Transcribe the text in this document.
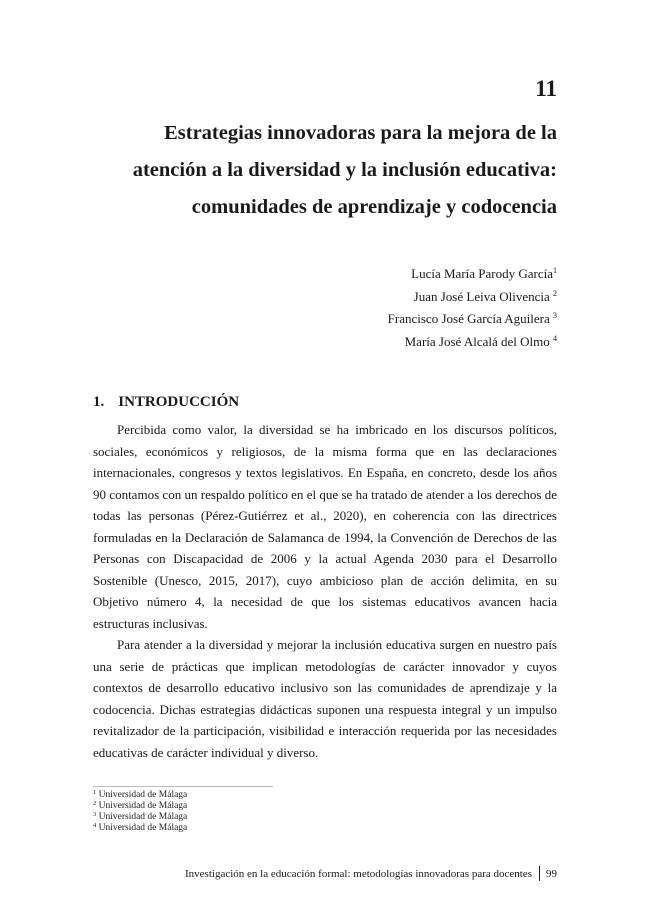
11
Estrategias innovadoras para la mejora de la
atención a la diversidad y la inclusión educativa:
comunidades de aprendizaje y codocencia
Lucía María Parody García$^1$
Juan José Leiva Olivencia $^2$
Francisco José García Aguilera $^3$
María José Alcalá del Olmo $^4$
1. INTRODUCCIÓN

Percibida como valor, la diversidad se ha imbricado en los discursos políticos, sociales, económicos y religiosos, de la misma forma que en las declaraciones internacionales, congresos y textos legislativos. En España, en concreto, desde los años 90 contamos con un respaldo político en el que se ha tratado de atender a los derechos de todas las personas (Pérez-Gutiérrez et al., 2020), en coherencia con las directrices formuladas en la Declaración de Salamanca de 1994, la Convención de Derechos de las Personas con Discapacidad de 2006 y la actual Agenda 2030 para el Desarrollo Sostenible (Unesco, 2015, 2017), cuyo ambicioso plan de acción delimita, en su Objetivo número 4, la necesidad de que los sistemas educativos avancen hacia estructuras inclusivas.

Para atender a la diversidad y mejorar la inclusión educativa surgen en nuestro país una serie de prácticas que implican metodologías de carácter innovador y cuyos contextos de desarrollo educativo inclusivo son las comunidades de aprendizaje y la codocencia. Dichas estrategias didácticas suponen una respuesta integral y un impulso revitalizador de la participación, visibilidad e interacción requerida por las necesidades educativas de carácter individual y diverso.

$^1$ Universidad de Málaga
$^2$ Universidad de Málaga
$^3$ Universidad de Málaga
$^4$ Universidad de Málaga
Investigación en la educación formal: metodologías innovadoras para docentes 99
